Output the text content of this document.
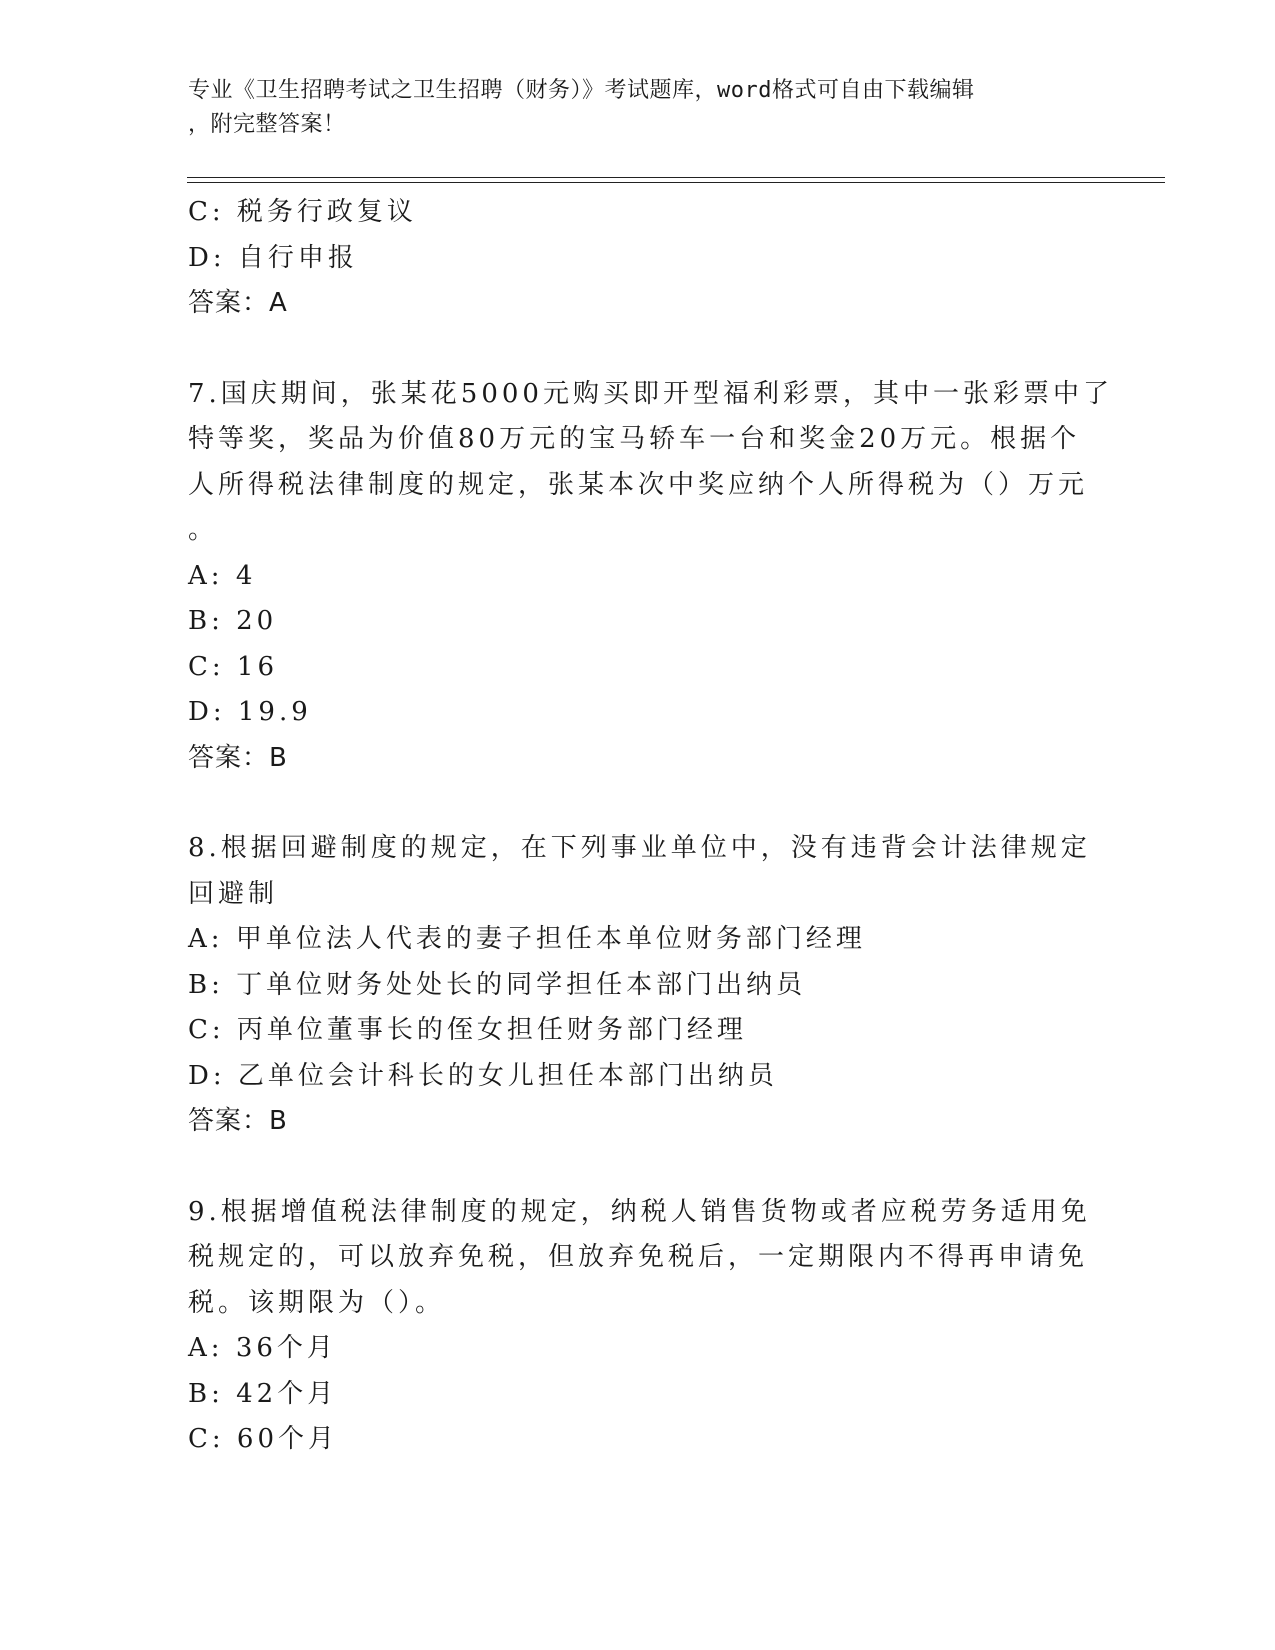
专业《卫生招聘考试之卫生招聘（财务）》考试题库，word格式可自由下载编辑
，附完整答案！
C: 税务行政复议
D: 自行申报
答案：A
7.国庆期间，张某花5000元购买即开型福利彩票，其中一张彩票中了
特等奖，奖品为价值80万元的宝马轿车一台和奖金20万元。根据个
人所得税法律制度的规定，张某本次中奖应纳个人所得税为（）万元
。
A: 4
B: 20
C: 16
D: 19.9
答案：B
8.根据回避制度的规定，在下列事业单位中，没有违背会计法律规定
回避制
A: 甲单位法人代表的妻子担任本单位财务部门经理
B: 丁单位财务处处长的同学担任本部门出纳员
C: 丙单位董事长的侄女担任财务部门经理
D: 乙单位会计科长的女儿担任本部门出纳员
答案：B
9.根据增值税法律制度的规定，纳税人销售货物或者应税劳务适用免
税规定的，可以放弃免税，但放弃免税后，一定期限内不得再申请免
税。该期限为（）。
A: 36个月
B: 42个月
C: 60个月
